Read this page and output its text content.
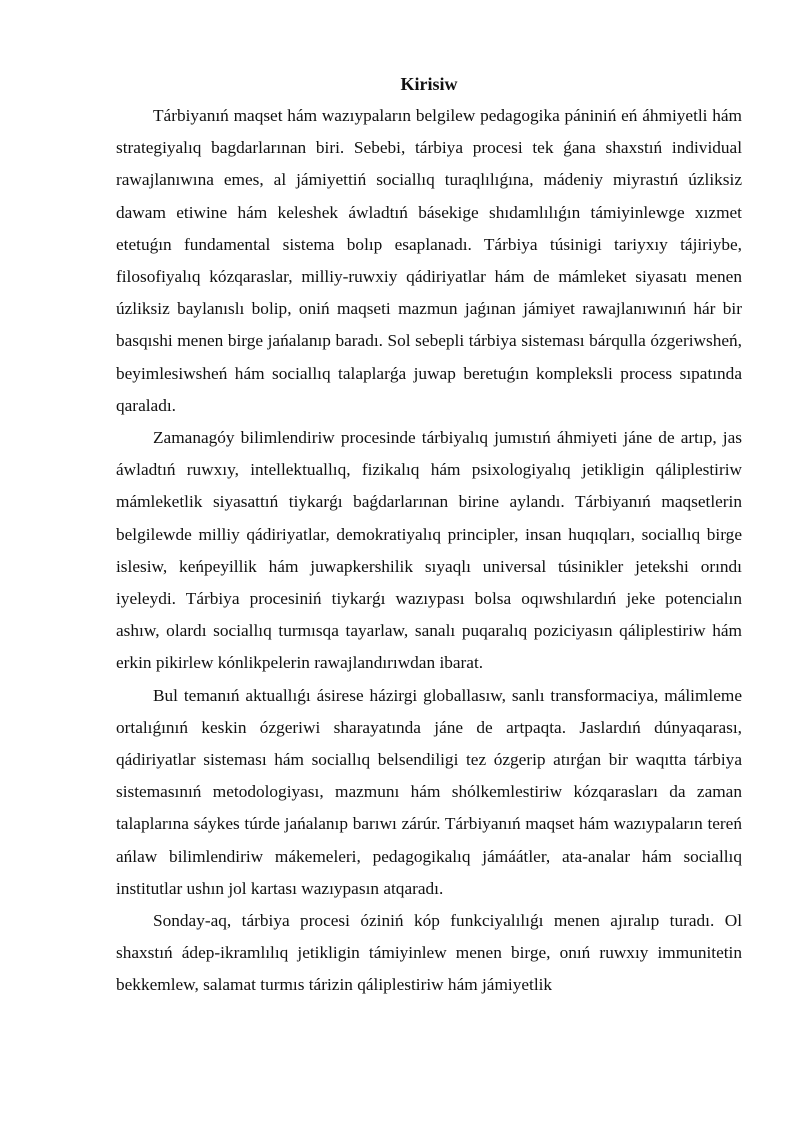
Kirisiw

Tárbiyanıń maqset hám wazıypaların belgilew pedagogika pániniń eń áhmiyetli hám strategiyalıq bagdarlarınan biri. Sebebi, tárbiya procesi tek ǵana shaxstıń individual rawajlanıwına emes, al jámiyettiń sociallıq turaqlılıǵına, mádeniy miyrastıń úzliksiz dawam etiwine hám keleshek áwladtıń básekige shıdamlılıǵın támiyinlewge xızmet etetuǵın fundamental sistema bolıp esaplanadı. Tárbiya túsinigi tariyxıy tájiriybe, filosofiyalıq kózqaraslar, milliy-ruwxiy qádiriyatlar hám de mámleket siyasatı menen úzliksiz baylanıslı bolip, oniń maqseti mazmun jaǵınan jámiyet rawajlanıwınıń hár bir basqıshi menen birge jańalanıp baradı. Sol sebepli tárbiya sisteması bárqulla ózgeriwsheń, beyimlesiwsheń hám sociallıq talaplarǵa juwap beretuǵın kompleksli process sıpatında qaraladı.

Zamanagóy bilimlendiriw procesinde tárbiyalıq jumıstıń áhmiyeti jáne de artıp, jas áwladtıń ruwxıy, intellektuallıq, fizikalıq hám psixologiyalıq jetikligin qáliplestiriw mámleketlik siyasattıń tiykarǵı baǵdarlarınan birine aylandı. Tárbiyanıń maqsetlerin belgilewde milliy qádiriyatlar, demokratiyalıq principler, insan huqıqları, sociallıq birge islesiw, keńpeyillik hám juwapkershilik sıyaqlı universal túsinikler jetekshi orındı iyeleydi. Tárbiya procesiniń tiykarǵı wazıypası bolsa oqıwshılardıń jeke potencialın ashıw, olardı sociallıq turmısqa tayarlaw, sanalı puqaralıq poziciyasın qáliplestiriw hám erkin pikirlew kónlikpelerin rawajlandırıwdan ibarat.

Bul temanıń aktuallıǵı ásirese házirgi globallasıw, sanlı transformaciya, málimleme ortalıǵınıń keskin ózgeriwi sharayatında jáne de artpaqta. Jaslardıń dúnyaqarası, qádiriyatlar sisteması hám sociallıq belsendiligi tez ózgerip atırǵan bir waqıtta tárbiya sistemasınıń metodologiyası, mazmunı hám shólkemlestiriw kózqarasları da zaman talaplarına sáykes túrde jańalanıp barıwı zárúr. Tárbiyanıń maqset hám wazıypaların tereń ańlaw bilimlendiriw mákemeleri, pedagogikalıq jámáátler, ata-analar hám sociallıq institutlar ushın jol kartası wazıypasın atqaradı.

Sonday-aq, tárbiya procesi óziniń kóp funkciyalılıǵı menen ajıralıp turadı. Ol shaxstıń ádep-ikramlılıq jetikligin támiyinlew menen birge, onıń ruwxıy immunitetin bekkemlew, salamat turmıs tárizin qáliplestiriw hám jámiyetlik
